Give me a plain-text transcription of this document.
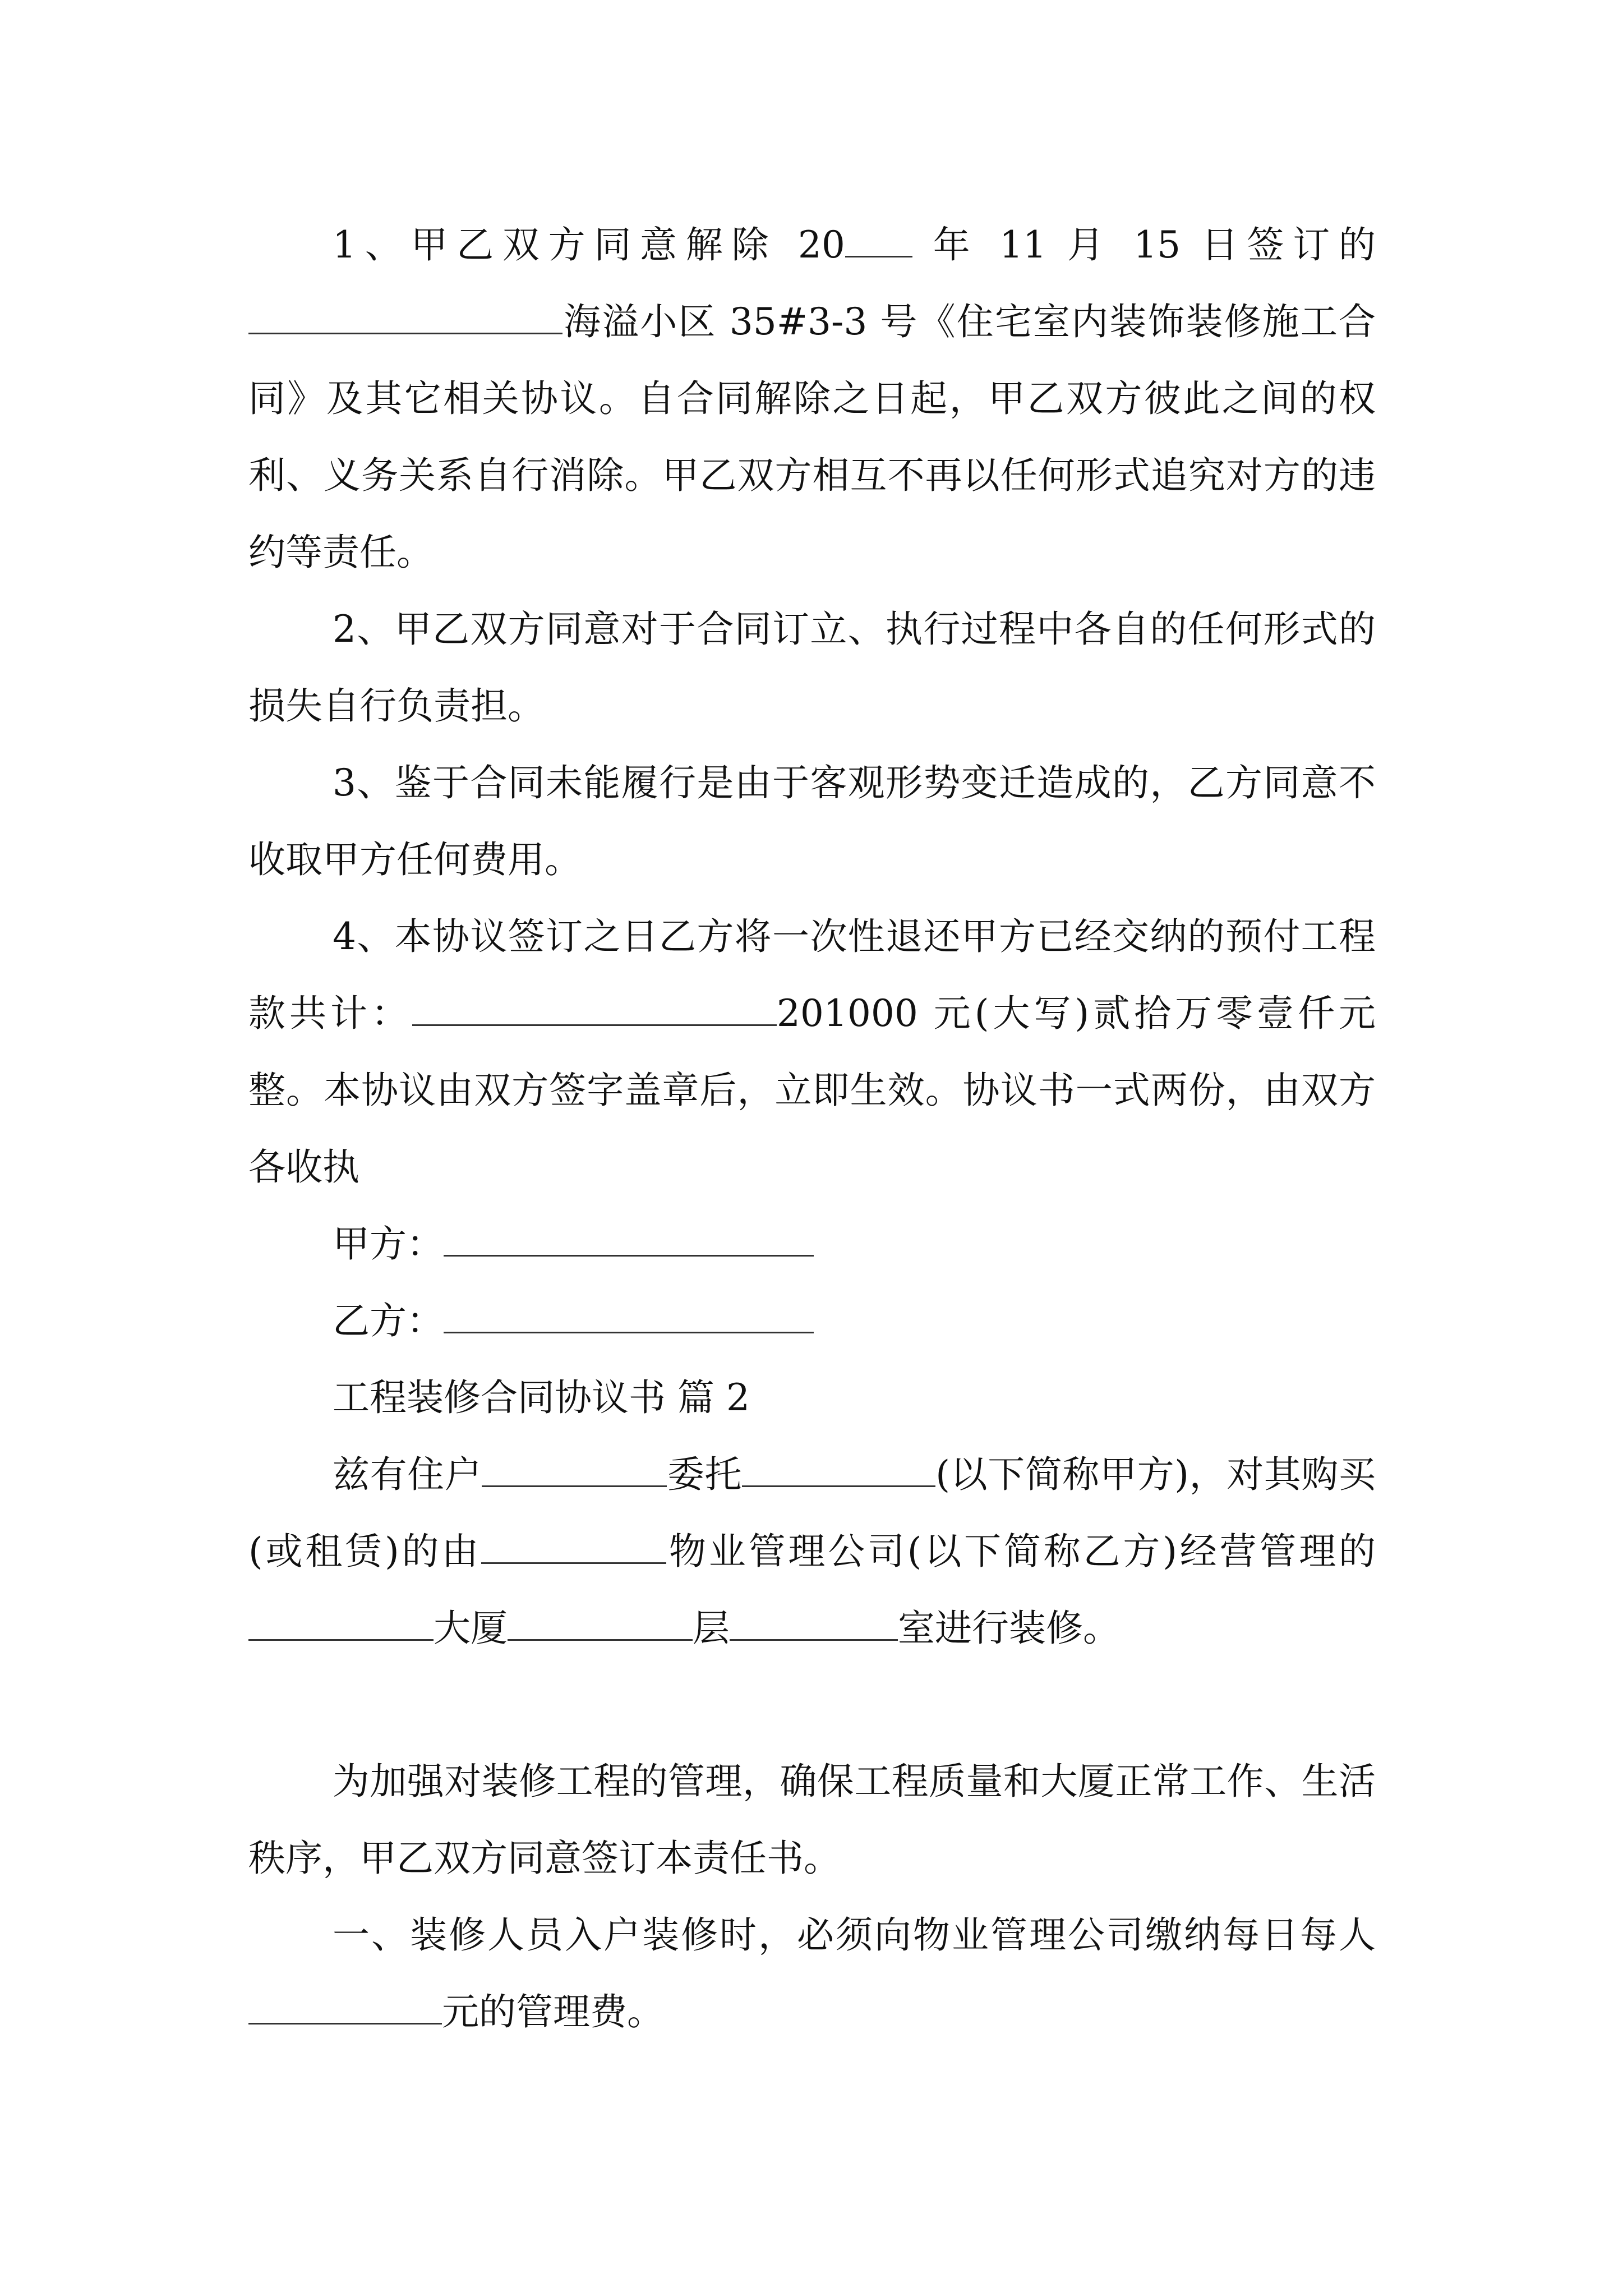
1、甲乙双方同意解除 20 年 11 月 15 日签订的海溢小区 35#3-3 号《住宅室内装饰装修施工合同》及其它相关协议。自合同解除之日起，甲乙双方彼此之间的权利、义务关系自行消除。甲乙双方相互不再以任何形式追究对方的违约等责任。

2、甲乙双方同意对于合同订立、执行过程中各自的任何形式的损失自行负责担。

3、鉴于合同未能履行是由于客观形势变迁造成的，乙方同意不收取甲方任何费用。

4、本协议签订之日乙方将一次性退还甲方已经交纳的预付工程款共计：	201000 元(大写)贰拾万零壹仟元整。本协议由双方签字盖章后，立即生效。协议书一式两份，由双方各收执

甲方：

乙方：

工程装修合同协议书 篇 2

兹有住户	委托	(以下简称甲方)，对其购买(或租赁)的由	物业管理公司(以下简称乙方)经营管理的大厦	层	室进行装修。

为加强对装修工程的管理，确保工程质量和大厦正常工作、生活秩序，甲乙双方同意签订本责任书。

一、装修人员入户装修时，必须向物业管理公司缴纳每日每人元的管理费。
